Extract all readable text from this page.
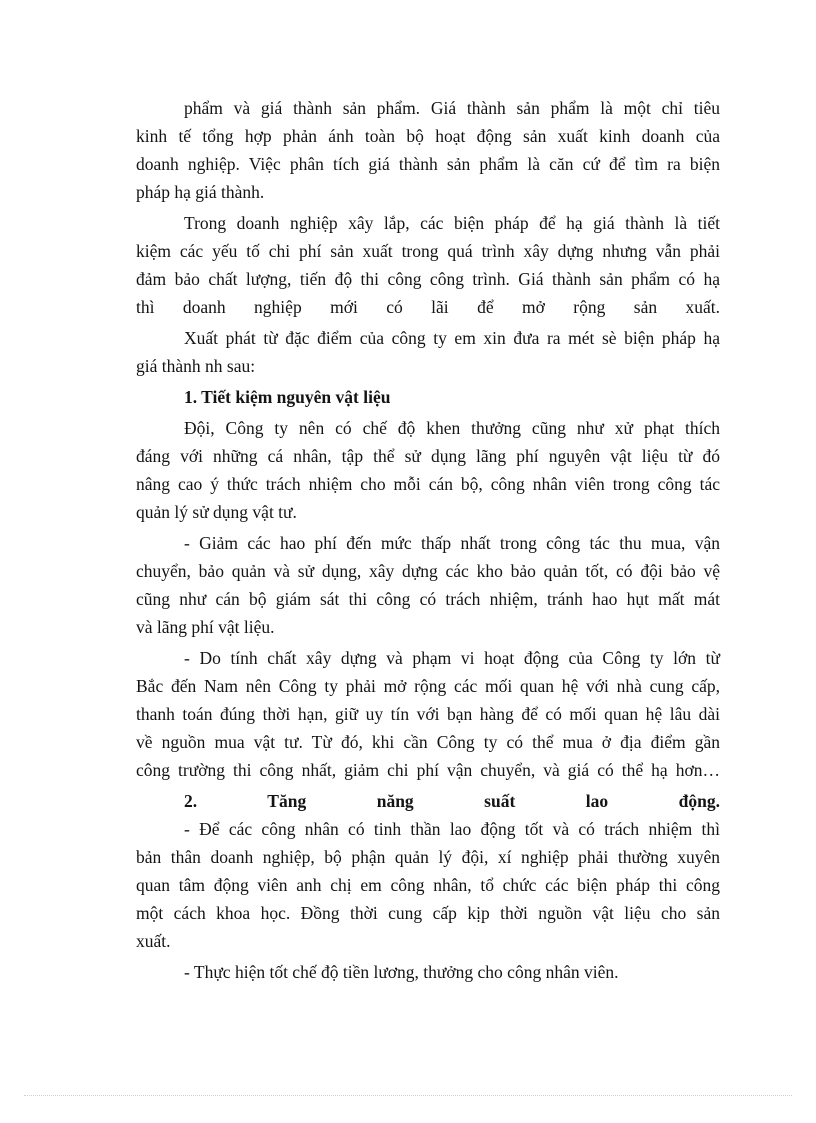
phẩm và giá thành sản phẩm. Giá thành sản phẩm là một chỉ tiêu
kinh tế tổng hợp phản ánh toàn bộ hoạt động sản xuất kinh doanh của
doanh nghiệp. Việc phân tích giá thành sản phẩm là căn cứ để tìm ra biện
pháp hạ giá thành.
Trong doanh nghiệp xây lắp, các biện pháp để hạ giá thành là tiết
kiệm các yếu tố chi phí sản xuất trong quá trình xây dựng nhưng vẫn phải
đảm bảo chất lượng, tiến độ thi công công trình. Giá thành sản phẩm có hạ
thì doanh nghiệp mới có lãi để mở rộng sản xuất.
Xuất phát từ đặc điểm của công ty em xin đưa ra mét sè biện pháp hạ
giá thành nh sau:
1. Tiết kiệm nguyên vật liệu
Đội, Công ty nên có chế độ khen thưởng cũng như xử phạt thích
đáng với những cá nhân, tập thể sử dụng lãng phí nguyên vật liệu từ đó
nâng cao ý thức trách nhiệm cho mỗi cán bộ, công nhân viên trong công tác
quản lý sử dụng vật tư.
- Giảm các hao phí đến mức thấp nhất trong công tác thu mua, vận
chuyển, bảo quản và sử dụng, xây dựng các kho bảo quản tốt, có đội bảo vệ
cũng như cán bộ giám sát thi công có trách nhiệm, tránh hao hụt mất mát
và lãng phí vật liệu.
- Do tính chất xây dựng và phạm vi hoạt động của Công ty lớn từ
Bắc đến Nam nên Công ty phải mở rộng các mối quan hệ với nhà cung cấp,
thanh toán đúng thời hạn, giữ uy tín với bạn hàng để có mối quan hệ lâu dài
về nguồn mua vật tư. Từ đó, khi cần Công ty có thể mua ở địa điểm gần
công trường thi công nhất, giảm chi phí vận chuyển, và giá có thể hạ hơn…
2. Tăng năng suất lao động.
- Để các công nhân có tinh thần lao động tốt và có trách nhiệm thì
bản thân doanh nghiệp, bộ phận quản lý đội, xí nghiệp phải thường xuyên
quan tâm động viên anh chị em công nhân, tổ chức các biện pháp thi công
một cách khoa học. Đồng thời cung cấp kịp thời nguồn vật liệu cho sản
xuất.
- Thực hiện tốt chế độ tiền lương, thưởng cho công nhân viên.
